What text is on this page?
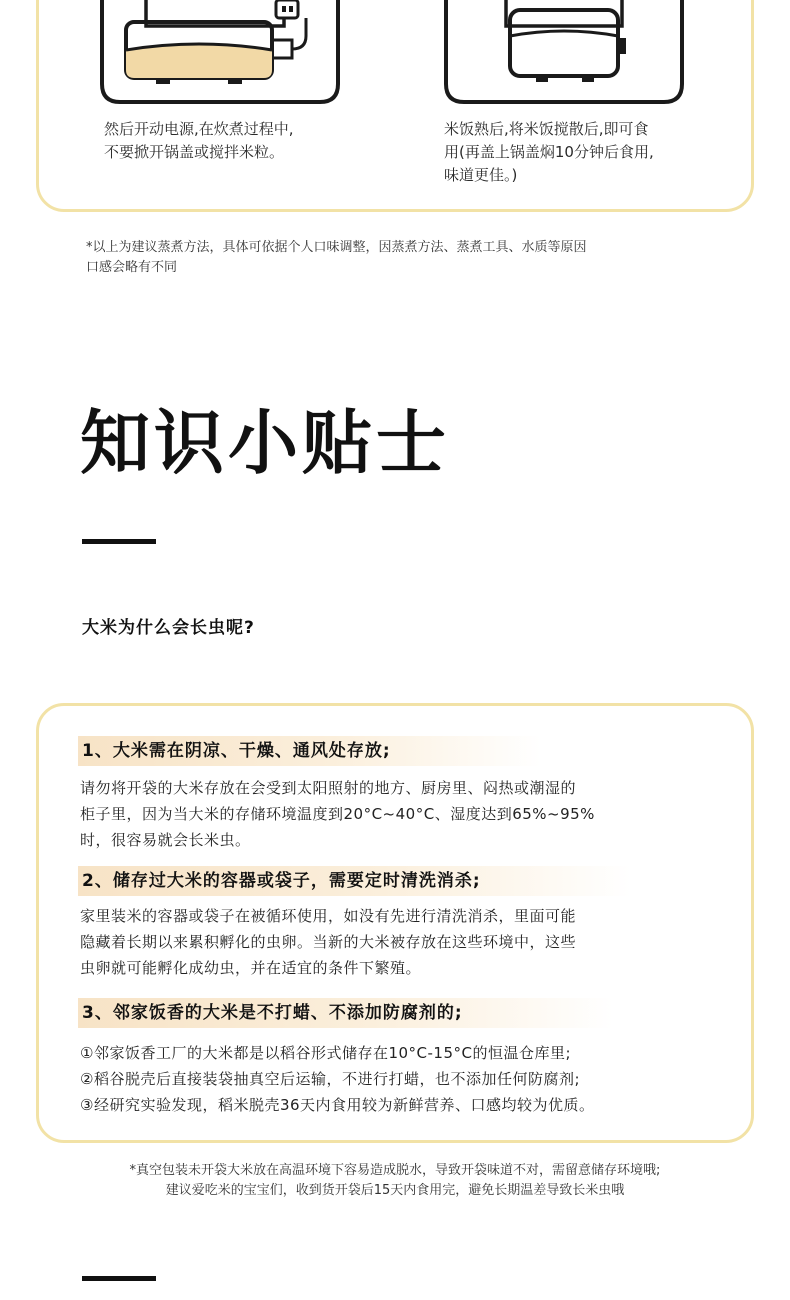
然后开动电源,在炊煮过程中,
不要掀开锅盖或搅拌米粒。
米饭熟后,将米饭搅散后,即可食
用(再盖上锅盖焖10分钟后食用,
味道更佳。)
*以上为建议蒸煮方法，具体可依据个人口味调整，因蒸煮方法、蒸煮工具、水质等原因
口感会略有不同
知识小贴士
大米为什么会长虫呢?
1、大米需在阴凉、干燥、通风处存放;
请勿将开袋的大米存放在会受到太阳照射的地方、厨房里、闷热或潮湿的
柜子里，因为当大米的存储环境温度到20°C~40°C、湿度达到65%~95%
时，很容易就会长米虫。
2、储存过大米的容器或袋子，需要定时清洗消杀;
家里装米的容器或袋子在被循环使用，如没有先进行清洗消杀，里面可能
隐藏着长期以来累积孵化的虫卵。当新的大米被存放在这些环境中，这些
虫卵就可能孵化成幼虫，并在适宜的条件下繁殖。
3、邻家饭香的大米是不打蜡、不添加防腐剂的;
①邻家饭香工厂的大米都是以稻谷形式储存在10°C-15°C的恒温仓库里;
②稻谷脱壳后直接装袋抽真空后运输，不进行打蜡，也不添加任何防腐剂;
③经研究实验发现，稻米脱壳36天内食用较为新鲜营养、口感均较为优质。
*真空包装未开袋大米放在高温环境下容易造成脱水，导致开袋味道不对，需留意储存环境哦;
建议爱吃米的宝宝们，收到货开袋后15天内食用完，避免长期温差导致长米虫哦
